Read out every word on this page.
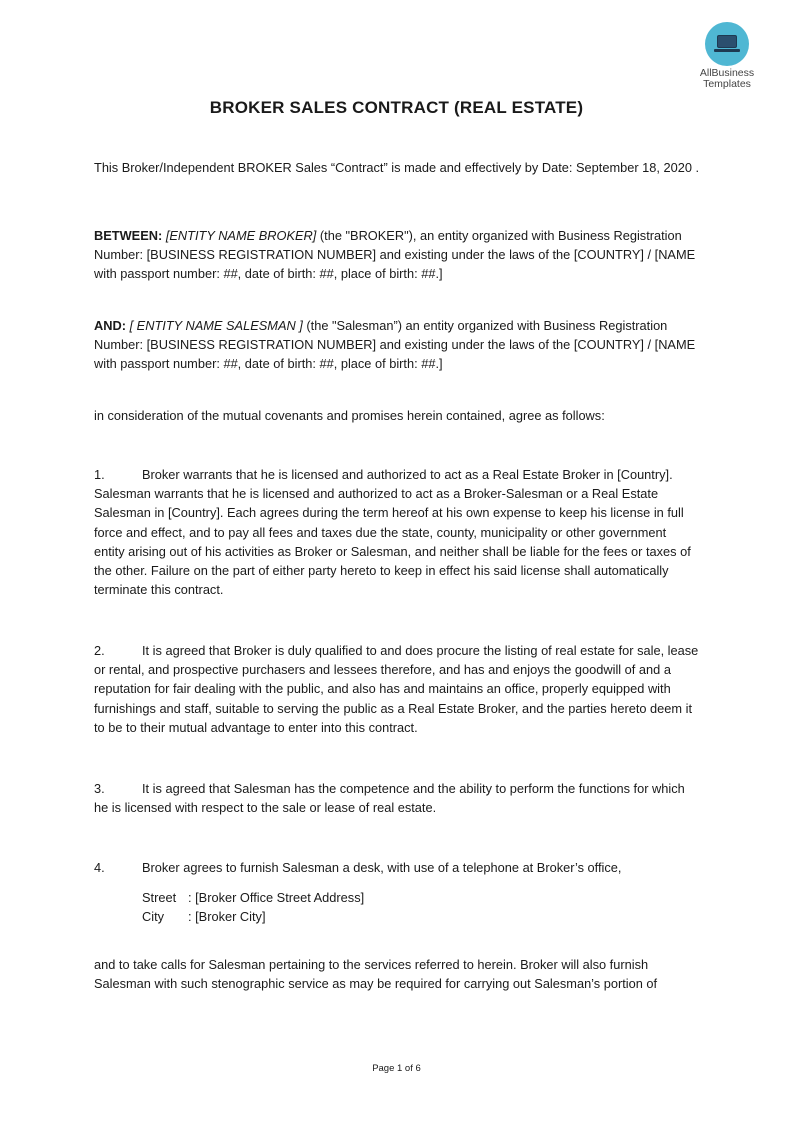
AllBusiness
Templates
BROKER SALES CONTRACT (REAL ESTATE)

This Broker/Independent BROKER Sales “Contract” is made and effectively by Date: September 18, 2020 .

BETWEEN: [ENTITY NAME BROKER] (the "BROKER"), an entity organized with Business Registration Number: [BUSINESS REGISTRATION NUMBER] and existing under the laws of the [COUNTRY] / [NAME with passport number: ##, date of birth: ##, place of birth: ##.]

AND: [ ENTITY NAME SALESMAN ] (the "Salesman”) an entity organized with Business Registration Number: [BUSINESS REGISTRATION NUMBER] and existing under the laws of the [COUNTRY] / [NAME with passport number: ##, date of birth: ##, place of birth: ##.]

in consideration of the mutual covenants and promises herein contained, agree as follows:

1.	Broker warrants that he is licensed and authorized to act as a Real Estate Broker in [Country]. Salesman warrants that he is licensed and authorized to act as a Broker-Salesman or a Real Estate Salesman in [Country]. Each agrees during the term hereof at his own expense to keep his license in full force and effect, and to pay all fees and taxes due the state, county, municipality or other government entity arising out of his activities as Broker or Salesman, and neither shall be liable for the fees or taxes of the other. Failure on the part of either party hereto to keep in effect his said license shall automatically terminate this contract.

2.	It is agreed that Broker is duly qualified to and does procure the listing of real estate for sale, lease or rental, and prospective purchasers and lessees therefore, and has and enjoys the goodwill of and a reputation for fair dealing with the public, and also has and maintains an office, properly equipped with furnishings and staff, suitable to serving the public as a Real Estate Broker, and the parties hereto deem it to be to their mutual advantage to enter into this contract.

3.	It is agreed that Salesman has the competence and the ability to perform the functions for which he is licensed with respect to the sale or lease of real estate.

4.	Broker agrees to furnish Salesman a desk, with use of a telephone at Broker’s office,

Street : [Broker Office Street Address]
City : [Broker City]

and to take calls for Salesman pertaining to the services referred to herein. Broker will also furnish Salesman with such stenographic service as may be required for carrying out Salesman’s portion of

Page 1 of 6
